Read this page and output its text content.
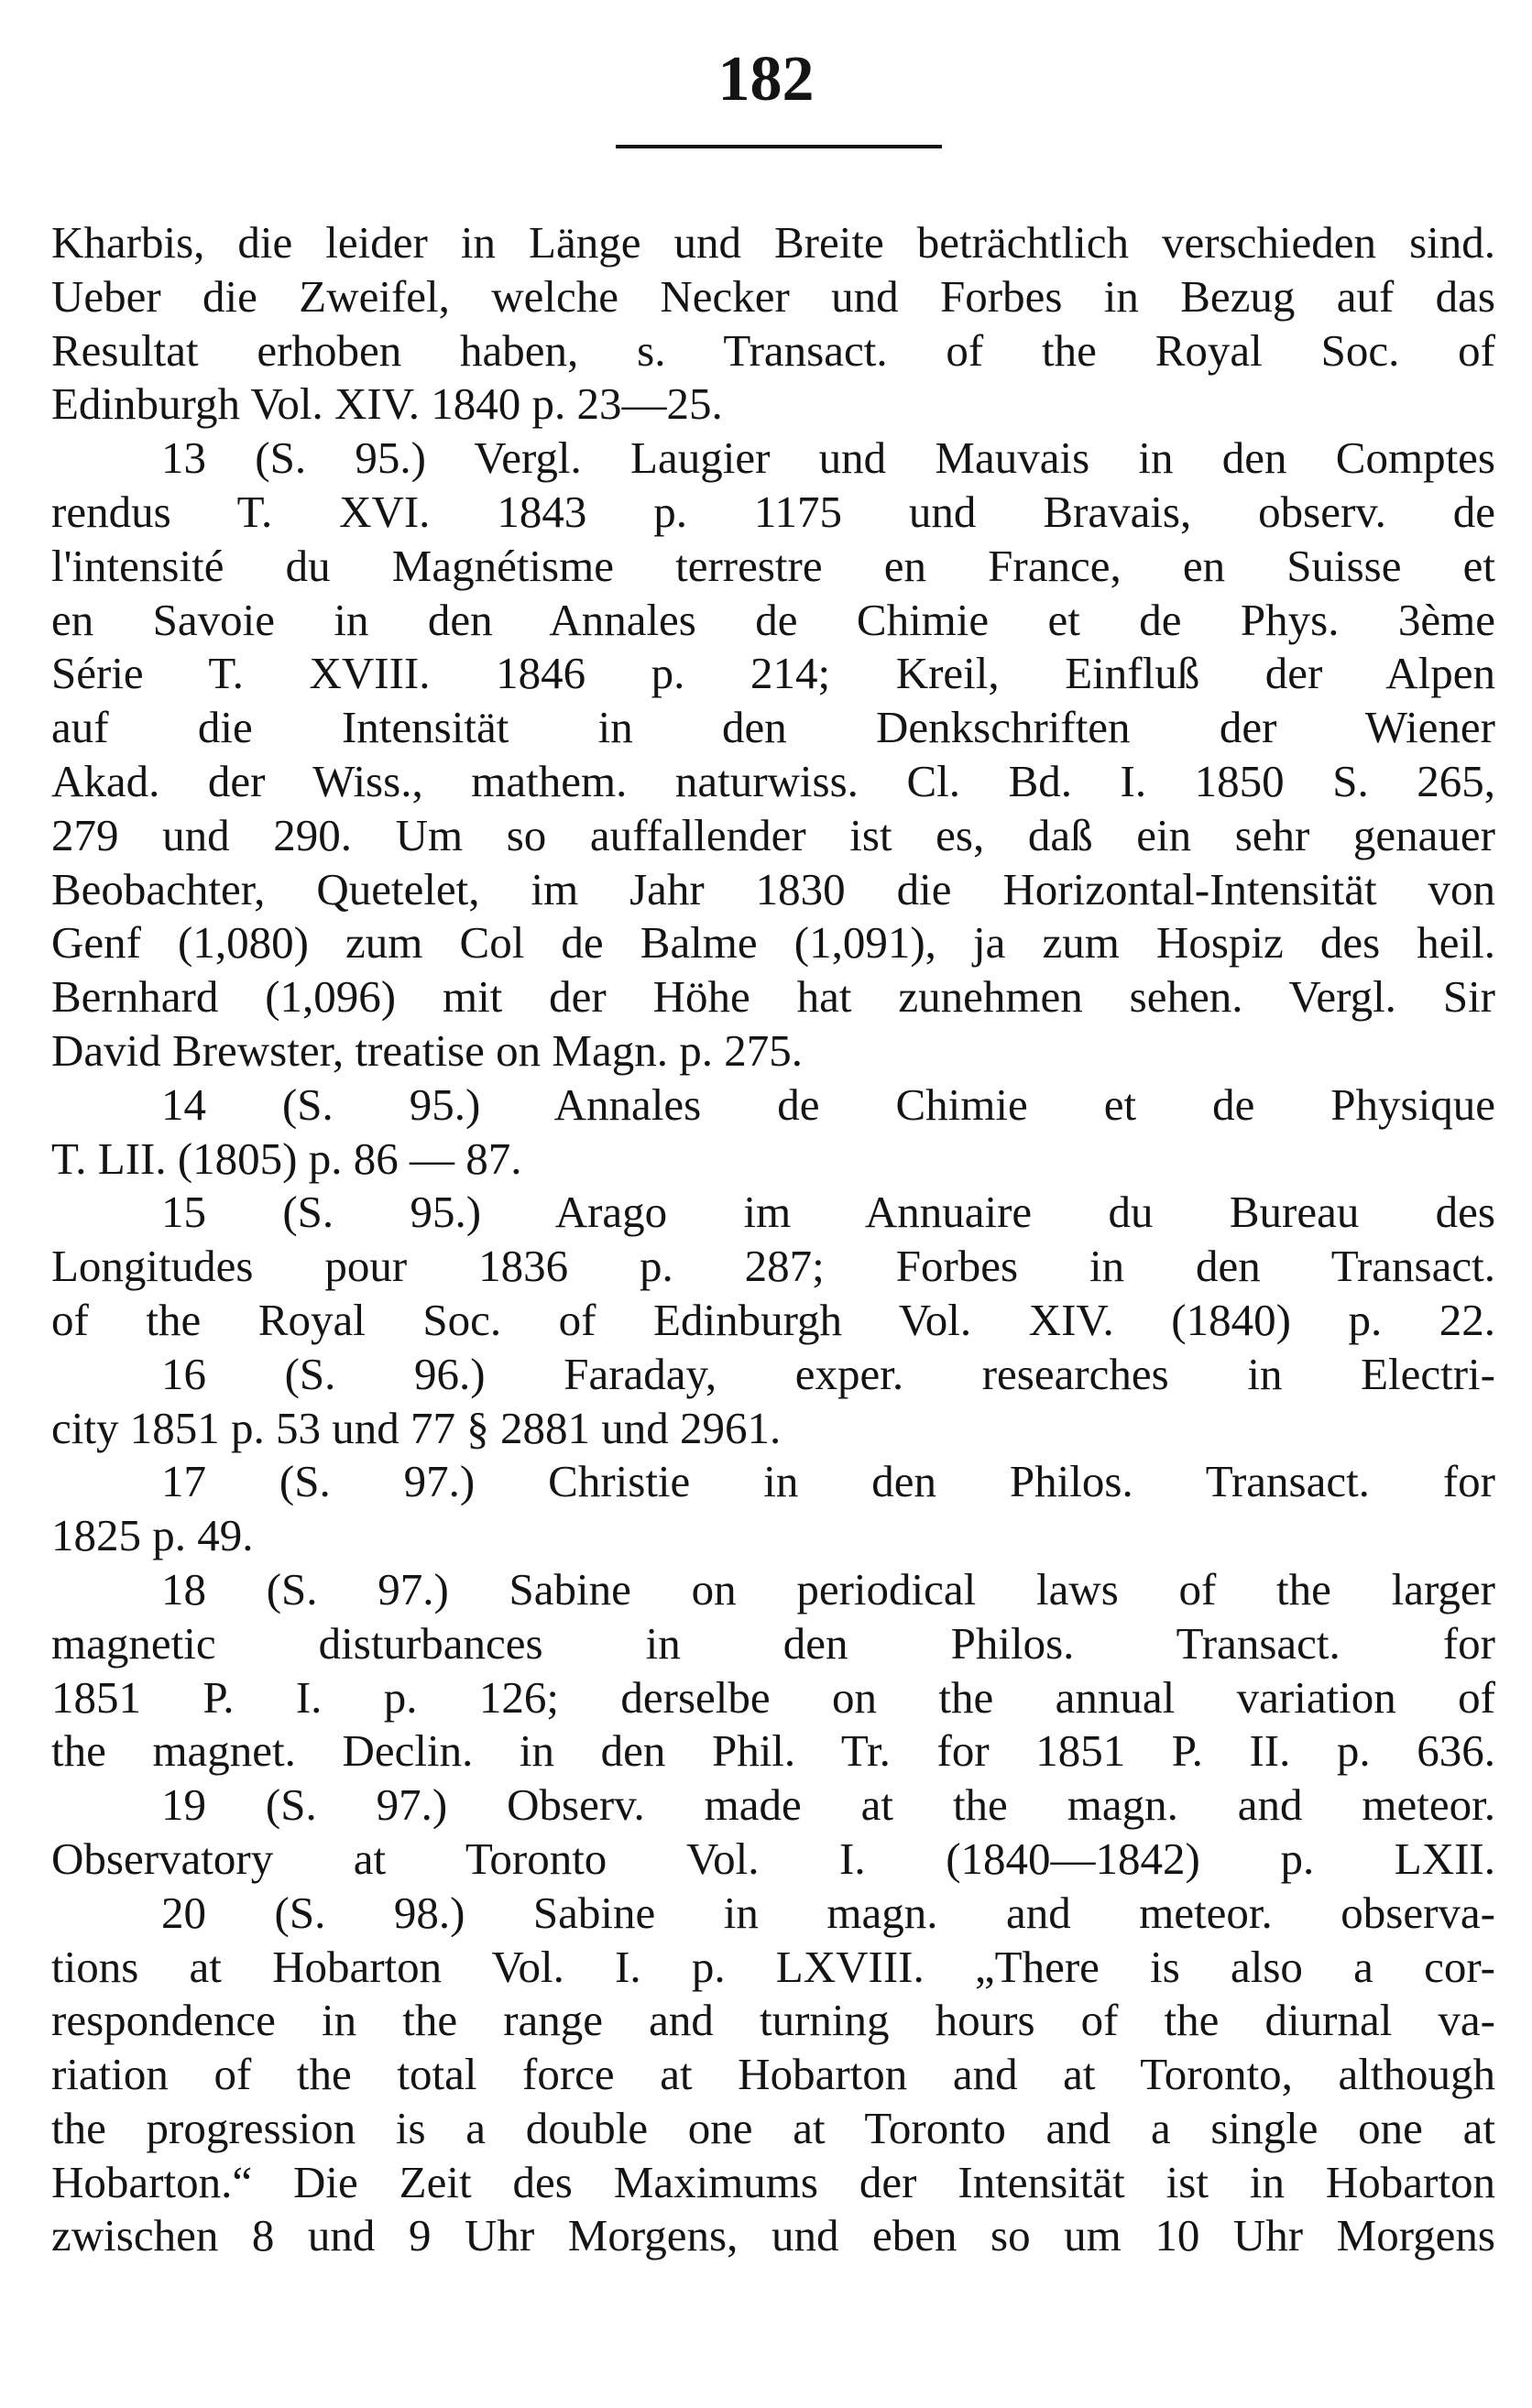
182
Kharbis, die leider in Länge und Breite beträchtlich verschieden sind.
Ueber die Zweifel, welche Necker und Forbes in Bezug auf das
Resultat erhoben haben, s. Transact. of the Royal Soc. of
Edinburgh Vol. XIV. 1840 p. 23—25.
13 (S. 95.) Vergl. Laugier und Mauvais in den Comptes
rendus T. XVI. 1843 p. 1175 und Bravais, observ. de
l'intensité du Magnétisme terrestre en France, en Suisse et
en Savoie in den Annales de Chimie et de Phys. 3ème
Série T. XVIII. 1846 p. 214; Kreil, Einfluß der Alpen
auf die Intensität in den Denkschriften der Wiener
Akad. der Wiss., mathem. naturwiss. Cl. Bd. I. 1850 S. 265,
279 und 290. Um so auffallender ist es, daß ein sehr genauer
Beobachter, Quetelet, im Jahr 1830 die Horizontal-Intensität von
Genf (1,080) zum Col de Balme (1,091), ja zum Hospiz des heil.
Bernhard (1,096) mit der Höhe hat zunehmen sehen. Vergl. Sir
David Brewster, treatise on Magn. p. 275.
14 (S. 95.) Annales de Chimie et de Physique
T. LII. (1805) p. 86 — 87.
15 (S. 95.) Arago im Annuaire du Bureau des
Longitudes pour 1836 p. 287; Forbes in den Transact.
of the Royal Soc. of Edinburgh Vol. XIV. (1840) p. 22.
16 (S. 96.) Faraday, exper. researches in Electri-
city 1851 p. 53 und 77 § 2881 und 2961.
17 (S. 97.) Christie in den Philos. Transact. for
1825 p. 49.
18 (S. 97.) Sabine on periodical laws of the larger
magnetic disturbances in den Philos. Transact. for
1851 P. I. p. 126; derselbe on the annual variation of
the magnet. Declin. in den Phil. Tr. for 1851 P. II. p. 636.
19 (S. 97.) Observ. made at the magn. and meteor.
Observatory at Toronto Vol. I. (1840—1842) p. LXII.
20 (S. 98.) Sabine in magn. and meteor. observa-
tions at Hobarton Vol. I. p. LXVIII. „There is also a cor-
respondence in the range and turning hours of the diurnal va-
riation of the total force at Hobarton and at Toronto, although
the progression is a double one at Toronto and a single one at
Hobarton.“ Die Zeit des Maximums der Intensität ist in Hobarton
zwischen 8 und 9 Uhr Morgens, und eben so um 10 Uhr Morgens
